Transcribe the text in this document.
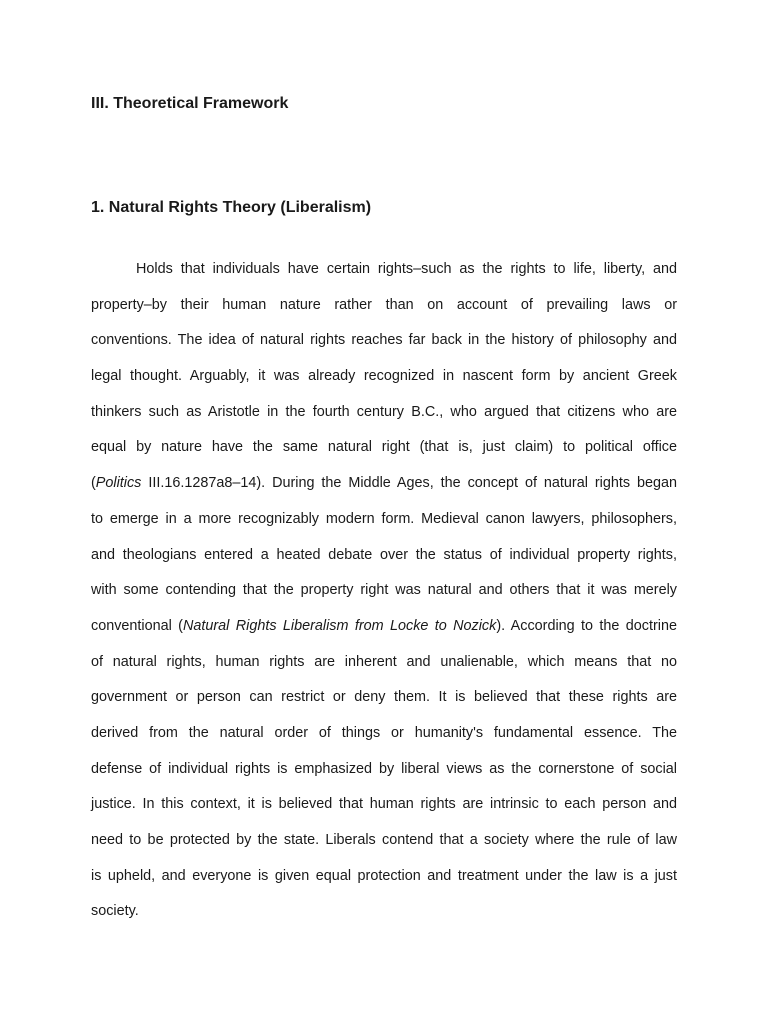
III. Theoretical Framework
1. Natural Rights Theory (Liberalism)
Holds that individuals have certain rights–such as the rights to life, liberty, and
property–by their human nature rather than on account of prevailing laws or
conventions. The idea of natural rights reaches far back in the history of philosophy and
legal thought. Arguably, it was already recognized in nascent form by ancient Greek
thinkers such as Aristotle in the fourth century B.C., who argued that citizens who are
equal by nature have the same natural right (that is, just claim) to political office
(Politics III.16.1287a8–14). During the Middle Ages, the concept of natural rights began
to emerge in a more recognizably modern form. Medieval canon lawyers, philosophers,
and theologians entered a heated debate over the status of individual property rights,
with some contending that the property right was natural and others that it was merely
conventional (Natural Rights Liberalism from Locke to Nozick). According to the doctrine
of natural rights, human rights are inherent and unalienable, which means that no
government or person can restrict or deny them. It is believed that these rights are
derived from the natural order of things or humanity's fundamental essence. The
defense of individual rights is emphasized by liberal views as the cornerstone of social
justice. In this context, it is believed that human rights are intrinsic to each person and
need to be protected by the state. Liberals contend that a society where the rule of law
is upheld, and everyone is given equal protection and treatment under the law is a just
society.
